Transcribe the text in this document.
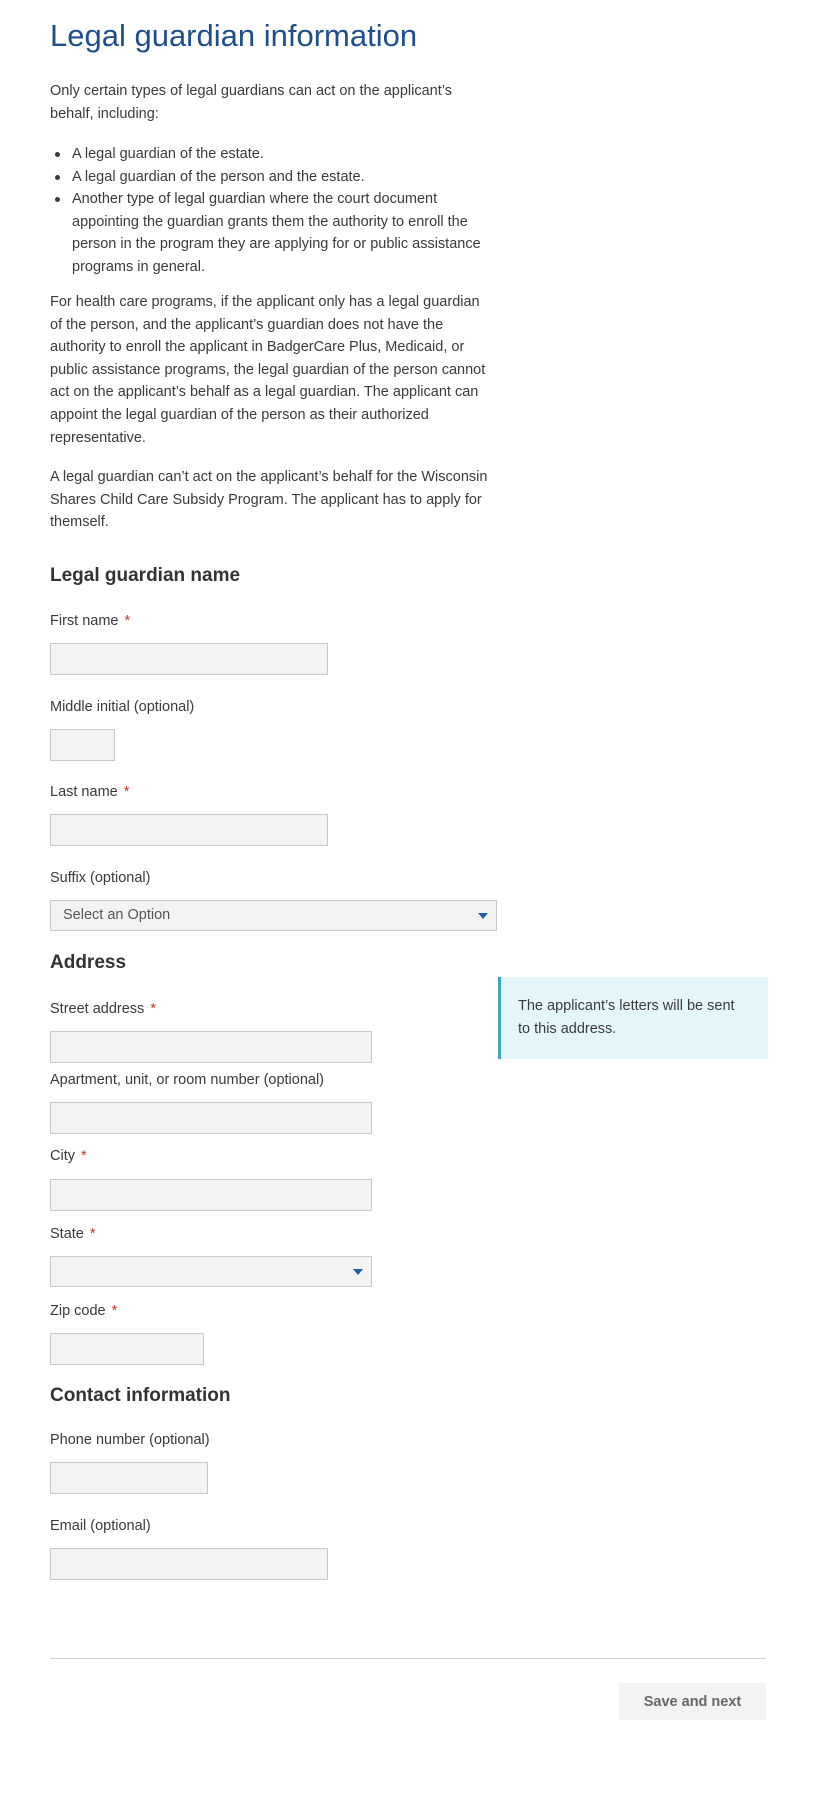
Legal guardian information

Only certain types of legal guardians can act on the applicant’s behalf, including:

A legal guardian of the estate.
A legal guardian of the person and the estate.
Another type of legal guardian where the court document appointing the guardian grants them the authority to enroll the person in the program they are applying for or public assistance programs in general.

For health care programs, if the applicant only has a legal guardian of the person, and the applicant’s guardian does not have the authority to enroll the applicant in BadgerCare Plus, Medicaid, or public assistance programs, the legal guardian of the person cannot act on the applicant’s behalf as a legal guardian. The applicant can appoint the legal guardian of the person as their authorized representative.

A legal guardian can’t act on the applicant’s behalf for the Wisconsin Shares Child Care Subsidy Program. The applicant has to apply for themself.

Legal guardian name
First name *
Middle initial (optional)
Last name *
Suffix (optional)
Select an Option
Address
Street address *	The applicant’s letters will be sent to this address.
Apartment, unit, or room number (optional)
City *
State *
Zip code *
Contact information
Phone number (optional)
Email (optional)
Save and next
